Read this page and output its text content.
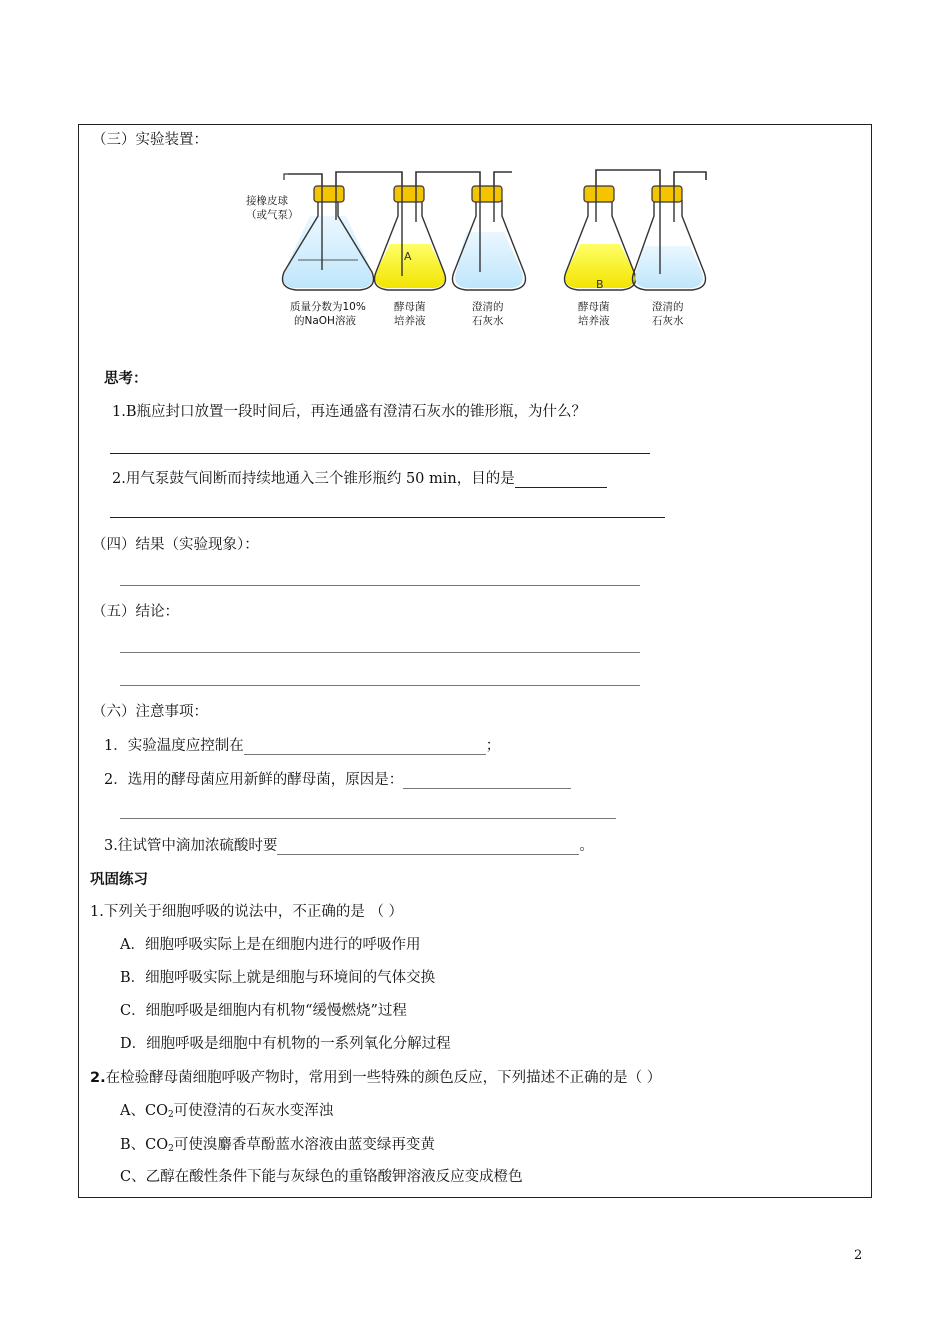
（三）实验装置：
接橡皮球
（或气泵）
A
B
质量分数为10%
的NaOH溶液
酵母菌
培养液
澄清的
石灰水
酵母菌
培养液
澄清的
石灰水
思考：
1.B瓶应封口放置一段时间后，再连通盛有澄清石灰水的锥形瓶，为什么？
2.用气泵鼓气间断而持续地通入三个锥形瓶约 50 min，目的是
（四）结果（实验现象）：
（五）结论：
（六）注意事项：
1．实验温度应控制在	；
2．选用的酵母菌应用新鲜的酵母菌，原因是：
3.往试管中滴加浓硫酸时要	。
巩固练习
1.下列关于细胞呼吸的说法中，不正确的是 （ ）
A．细胞呼吸实际上是在细胞内进行的呼吸作用
B．细胞呼吸实际上就是细胞与环境间的气体交换
C．细胞呼吸是细胞内有机物“缓慢燃烧”过程
D．细胞呼吸是细胞中有机物的一系列氧化分解过程
2.在检验酵母菌细胞呼吸产物时，常用到一些特殊的颜色反应，下列描述不正确的是（ ）
A、$CO_2$可使澄清的石灰水变浑浊
B、$CO_2$可使溴麝香草酚蓝水溶液由蓝变绿再变黄
C、乙醇在酸性条件下能与灰绿色的重铬酸钾溶液反应变成橙色
2
